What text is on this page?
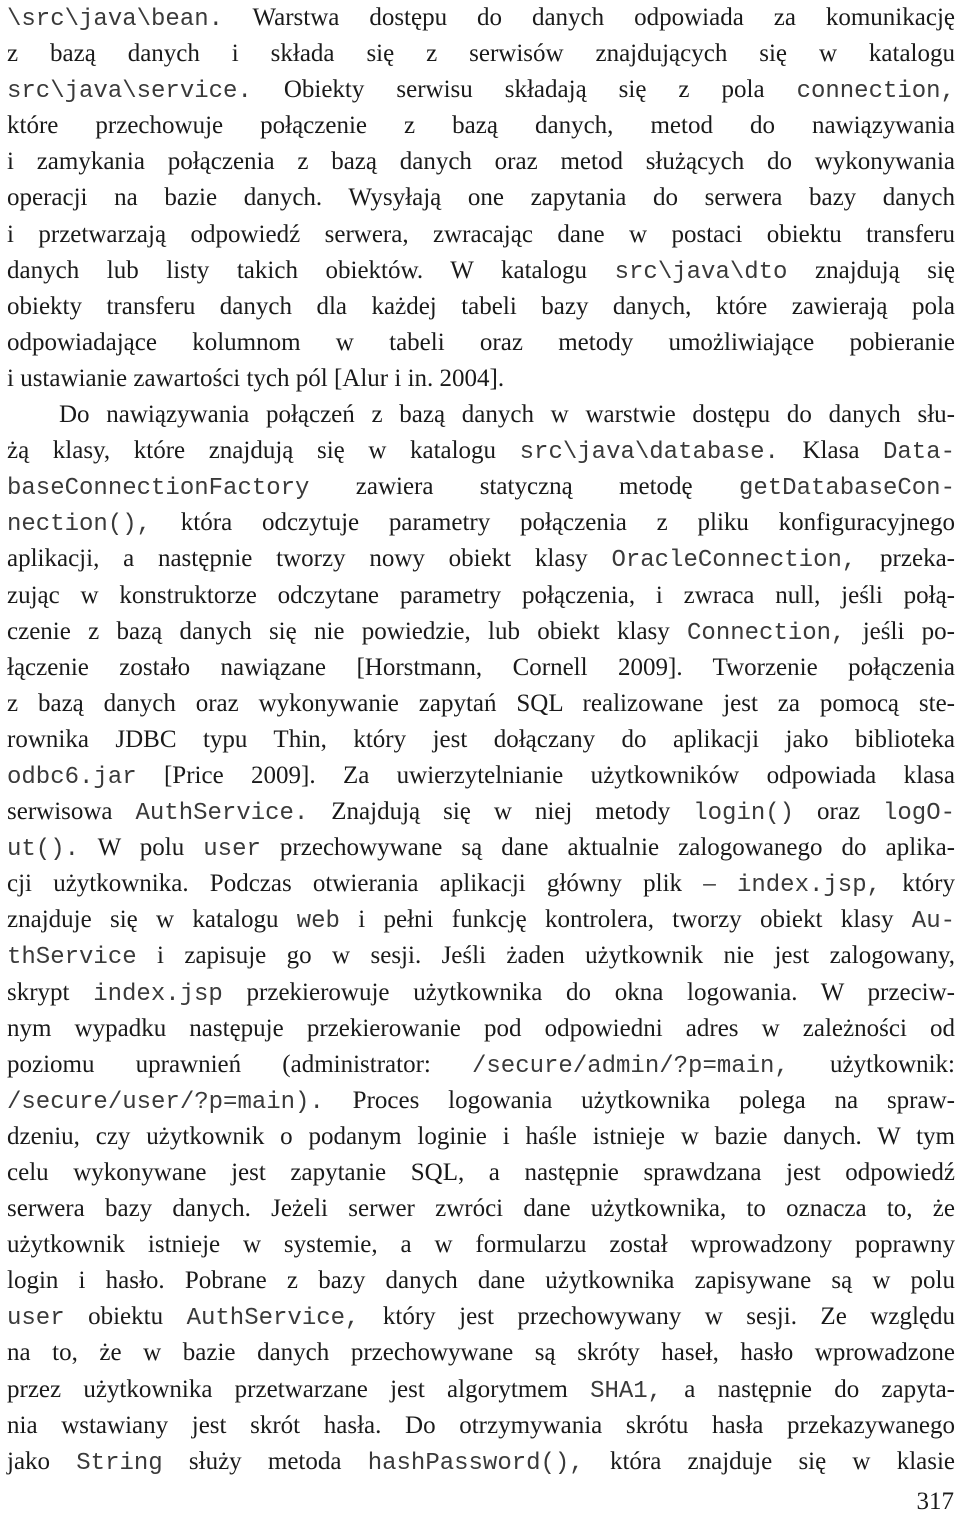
\src\java\bean. Warstwa dostępu do danych odpowiada za komunikację
z bazą danych i składa się z serwisów znajdujących się w katalogu
src\java\service. Obiekty serwisu składają się z pola connection,
które przechowuje połączenie z bazą danych, metod do nawiązywania
i zamykania połączenia z bazą danych oraz metod służących do wykonywania
operacji na bazie danych. Wysyłają one zapytania do serwera bazy danych
i przetwarzają odpowiedź serwera, zwracając dane w postaci obiektu transferu
danych lub listy takich obiektów. W katalogu src\java\dto znajdują się
obiekty transferu danych dla każdej tabeli bazy danych, które zawierają pola
odpowiadające kolumnom w tabeli oraz metody umożliwiające pobieranie
i ustawianie zawartości tych pól [Alur i in. 2004].
Do nawiązywania połączeń z bazą danych w warstwie dostępu do danych słu-
żą klasy, które znajdują się w katalogu src\java\database. Klasa Data-
baseConnectionFactory zawiera statyczną metodę getDatabaseCon-
nection(), która odczytuje parametry połączenia z pliku konfiguracyjnego
aplikacji, a następnie tworzy nowy obiekt klasy OracleConnection, przeka-
zując w konstruktorze odczytane parametry połączenia, i zwraca null, jeśli połą-
czenie z bazą danych się nie powiedzie, lub obiekt klasy Connection, jeśli po-
łączenie zostało nawiązane [Horstmann, Cornell 2009]. Tworzenie połączenia
z bazą danych oraz wykonywanie zapytań SQL realizowane jest za pomocą ste-
rownika JDBC typu Thin, który jest dołączany do aplikacji jako biblioteka
odbc6.jar [Price 2009]. Za uwierzytelnianie użytkowników odpowiada klasa
serwisowa AuthService. Znajdują się w niej metody login() oraz logO-
ut(). W polu user przechowywane są dane aktualnie zalogowanego do aplika-
cji użytkownika. Podczas otwierania aplikacji główny plik – index.jsp, który
znajduje się w katalogu web i pełni funkcję kontrolera, tworzy obiekt klasy Au-
thService i zapisuje go w sesji. Jeśli żaden użytkownik nie jest zalogowany,
skrypt index.jsp przekierowuje użytkownika do okna logowania. W przeciw-
nym wypadku następuje przekierowanie pod odpowiedni adres w zależności od
poziomu uprawnień (administrator: /secure/admin/?p=main, użytkownik:
/secure/user/?p=main). Proces logowania użytkownika polega na spraw-
dzeniu, czy użytkownik o podanym loginie i haśle istnieje w bazie danych. W tym
celu wykonywane jest zapytanie SQL, a następnie sprawdzana jest odpowiedź
serwera bazy danych. Jeżeli serwer zwróci dane użytkownika, to oznacza to, że
użytkownik istnieje w systemie, a w formularzu został wprowadzony poprawny
login i hasło. Pobrane z bazy danych dane użytkownika zapisywane są w polu
user obiektu AuthService, który jest przechowywany w sesji. Ze względu
na to, że w bazie danych przechowywane są skróty haseł, hasło wprowadzone
przez użytkownika przetwarzane jest algorytmem SHA1, a następnie do zapyta-
nia wstawiany jest skrót hasła. Do otrzymywania skrótu hasła przekazywanego
jako String służy metoda hashPassword(), która znajduje się w klasie
317
